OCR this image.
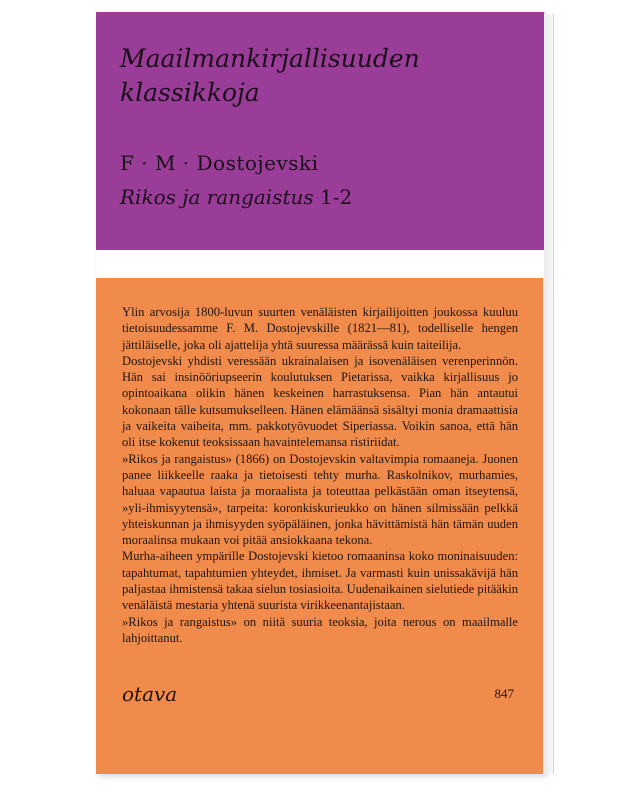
Maailmankirjallisuuden
klassikkoja
F · M · Dostojevski
Rikos ja rangaistus 1-2

Ylin arvosija 1800-luvun suurten venäläisten kirjailijoitten joukossa kuuluu tietoisuudessamme F. M. Dostojevskille (1821—81), todelliselle hengen jättiläiselle, joka oli ajattelija yhtä suuressa määrässä kuin taiteilija.

Dostojevski yhdisti veressään ukrainalaisen ja isovenäläisen verenperinnön. Hän sai insinööriupseerin koulutuksen Pietarissa, vaikka kirjallisuus jo opintoaikana olikin hänen keskeinen harrastuksensa. Pian hän antautui kokonaan tälle kutsumukselleen. Hänen elämäänsä sisältyi monia dramaattisia ja vaikeita vaiheita, mm. pakkotyövuodet Siperiassa. Voikin sanoa, että hän oli itse kokenut teoksissaan havaintelemansa ristiriidat.

»Rikos ja rangaistus» (1866) on Dostojevskin valtavimpia romaaneja. Juonen panee liikkeelle raaka ja tietoisesti tehty murha. Raskolnikov, murhamies, haluaa vapautua laista ja moraalista ja toteuttaa pelkästään oman itseytensä, »yli-ihmisyytensä», tarpeita: koronkiskurieukko on hänen silmissään pelkkä yhteiskunnan ja ihmisyyden syöpäläinen, jonka hävittämistä hän tämän uuden moraalinsa mukaan voi pitää ansiokkaana tekona.

Murha-aiheen ympärille Dostojevski kietoo romaaninsa koko moninaisuuden: tapahtumat, tapahtumien yhteydet, ihmiset. Ja varmasti kuin unissakävijä hän paljastaa ihmistensä takaa sielun tosiasioita. Uudenaikainen sielutiede pitääkin venäläistä mestaria yhtenä suurista virikkeenantajistaan.

»Rikos ja rangaistus» on niitä suuria teoksia, joita nerous on maailmalle lahjoittanut.

otava	847
